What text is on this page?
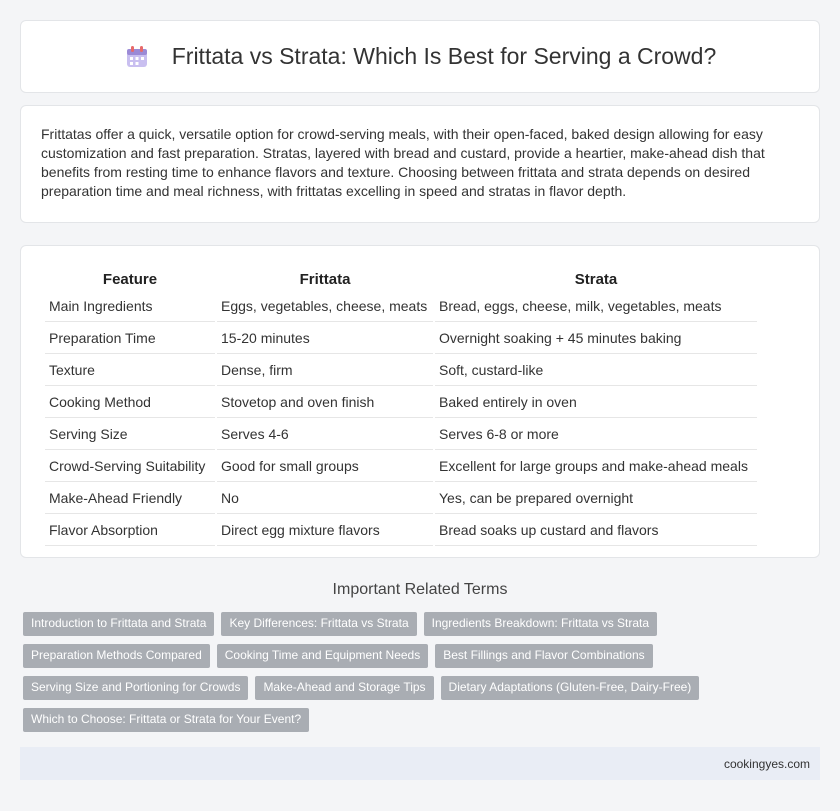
Frittata vs Strata: Which Is Best for Serving a Crowd?

Frittatas offer a quick, versatile option for crowd-serving meals, with their open-faced, baked design allowing for easy customization and fast preparation. Stratas, layered with bread and custard, provide a heartier, make-ahead dish that benefits from resting time to enhance flavors and texture. Choosing between frittata and strata depends on desired preparation time and meal richness, with frittatas excelling in speed and stratas in flavor depth.

Feature	Frittata	Strata
Main Ingredients	Eggs, vegetables, cheese, meats	Bread, eggs, cheese, milk, vegetables, meats
Preparation Time	15-20 minutes	Overnight soaking + 45 minutes baking
Texture	Dense, firm	Soft, custard-like
Cooking Method	Stovetop and oven finish	Baked entirely in oven
Serving Size	Serves 4-6	Serves 6-8 or more
Crowd-Serving Suitability	Good for small groups	Excellent for large groups and make-ahead meals
Make-Ahead Friendly	No	Yes, can be prepared overnight
Flavor Absorption	Direct egg mixture flavors	Bread soaks up custard and flavors
Important Related Terms
Introduction to Frittata and Strata	Key Differences: Frittata vs Strata	Ingredients Breakdown: Frittata vs Strata
Preparation Methods Compared	Cooking Time and Equipment Needs	Best Fillings and Flavor Combinations
Serving Size and Portioning for Crowds	Make-Ahead and Storage Tips	Dietary Adaptations (Gluten-Free, Dairy-Free)
Which to Choose: Frittata or Strata for Your Event?
cookingyes.com
